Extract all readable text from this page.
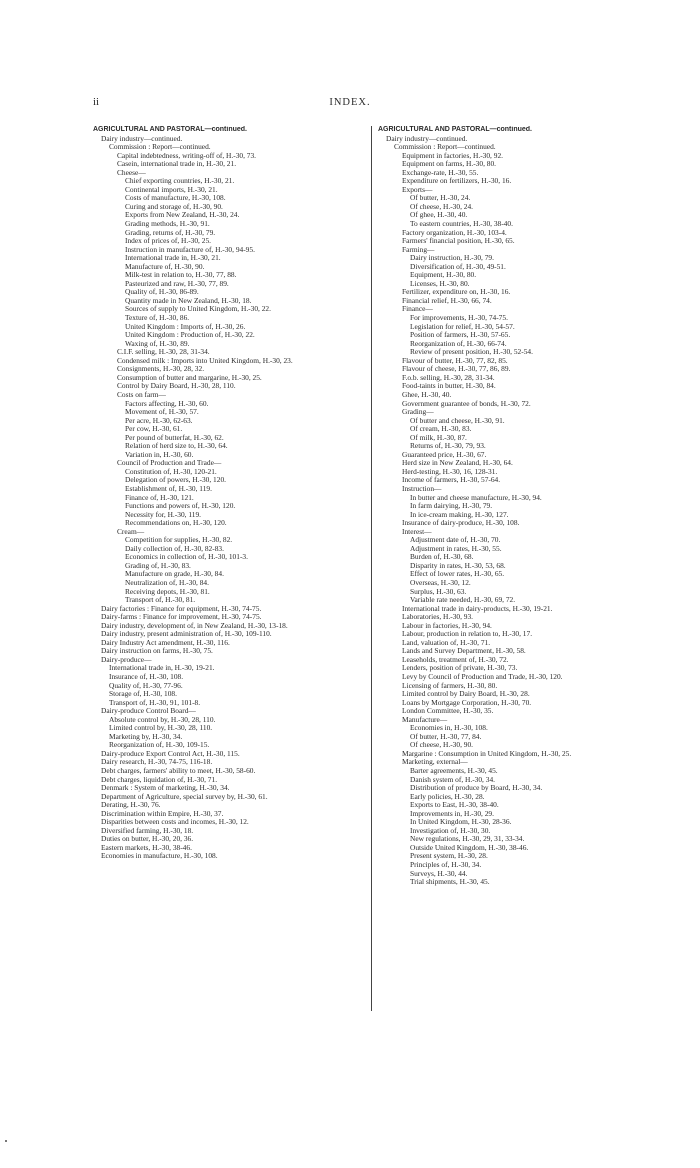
ii	INDEX.
AGRICULTURAL AND PASTORAL—continued.
Dairy industry—continued.
Commission : Report—continued.
Capital indebtedness, writing-off of, H.-30, 73.
Casein, international trade in, H.-30, 21.
Cheese—
Chief exporting countries, H.-30, 21.
Continental imports, H.-30, 21.
Costs of manufacture, H.-30, 108.
Curing and storage of, H.-30, 90.
Exports from New Zealand, H.-30, 24.
Grading methods, H.-30, 91.
Grading, returns of, H.-30, 79.
Index of prices of, H.-30, 25.
Instruction in manufacture of, H.-30, 94-95.
International trade in, H.-30, 21.
Manufacture of, H.-30, 90.
Milk-test in relation to, H.-30, 77, 88.
Pasteurized and raw, H.-30, 77, 89.
Quality of, H.-30, 86-89.
Quantity made in New Zealand, H.-30, 18.
Sources of supply to United Kingdom, H.-30, 22.
Texture of, H.-30, 86.
United Kingdom : Imports of, H.-30, 26.
United Kingdom : Production of, H.-30, 22.
Waxing of, H.-30, 89.
C.I.F. selling, H.-30, 28, 31-34.
Condensed milk : Imports into United Kingdom, H.-30, 23.
Consignments, H.-30, 28, 32.
Consumption of butter and margarine, H.-30, 25.
Control by Dairy Board, H.-30, 28, 110.
Costs on farm—
Factors affecting, H.-30, 60.
Movement of, H.-30, 57.
Per acre, H.-30, 62-63.
Per cow, H.-30, 61.
Per pound of butterfat, H.-30, 62.
Relation of herd size to, H.-30, 64.
Variation in, H.-30, 60.
Council of Production and Trade—
Constitution of, H.-30, 120-21.
Delegation of powers, H.-30, 120.
Establishment of, H.-30, 119.
Finance of, H.-30, 121.
Functions and powers of, H.-30, 120.
Necessity for, H.-30, 119.
Recommendations on, H.-30, 120.
Cream—
Competition for supplies, H.-30, 82.
Daily collection of, H.-30, 82-83.
Economics in collection of, H.-30, 101-3.
Grading of, H.-30, 83.
Manufacture on grade, H.-30, 84.
Neutralization of, H.-30, 84.
Receiving depots, H.-30, 81.
Transport of, H.-30, 81.
Dairy factories : Finance for equipment, H.-30, 74-75.
Dairy-farms : Finance for improvement, H.-30, 74-75.
Dairy industry, development of, in New Zealand, H.-30, 13-18.
Dairy industry, present administration of, H.-30, 109-110.
Dairy Industry Act amendment, H.-30, 116.
Dairy instruction on farms, H.-30, 75.
Dairy-produce—
International trade in, H.-30, 19-21.
Insurance of, H.-30, 108.
Quality of, H.-30, 77-96.
Storage of, H.-30, 108.
Transport of, H.-30, 91, 101-8.
Dairy-produce Control Board—
Absolute control by, H.-30, 28, 110.
Limited control by, H.-30, 28, 110.
Marketing by, H.-30, 34.
Reorganization of, H.-30, 109-15.
Dairy-produce Export Control Act, H.-30, 115.
Dairy research, H.-30, 74-75, 116-18.
Debt charges, farmers' ability to meet, H.-30, 58-60.
Debt charges, liquidation of, H.-30, 71.
Denmark : System of marketing, H.-30, 34.
Department of Agriculture, special survey by, H.-30, 61.
Derating, H.-30, 76.
Discrimination within Empire, H.-30, 37.
Disparities between costs and incomes, H.-30, 12.
Diversified farming, H.-30, 18.
Duties on butter, H.-30, 20, 36.
Eastern markets, H.-30, 38-46.
Economies in manufacture, H.-30, 108.
AGRICULTURAL AND PASTORAL—continued.
Dairy industry—continued.
Commission : Report—continued.
Equipment in factories, H.-30, 92.
Equipment on farms, H.-30, 80.
Exchange-rate, H.-30, 55.
Expenditure on fertilizers, H.-30, 16.
Exports—
Of butter, H.-30, 24.
Of cheese, H.-30, 24.
Of ghee, H.-30, 40.
To eastern countries, H.-30, 38-40.
Factory organization, H.-30, 103-4.
Farmers' financial position, H.-30, 65.
Farming—
Dairy instruction, H.-30, 79.
Diversification of, H.-30, 49-51.
Equipment, H.-30, 80.
Licenses, H.-30, 80.
Fertilizer, expenditure on, H.-30, 16.
Financial relief, H.-30, 66, 74.
Finance—
For improvements, H.-30, 74-75.
Legislation for relief, H.-30, 54-57.
Position of farmers, H.-30, 57-65.
Reorganization of, H.-30, 66-74.
Review of present position, H.-30, 52-54.
Flavour of butter, H.-30, 77, 82, 85.
Flavour of cheese, H.-30, 77, 86, 89.
F.o.b. selling, H.-30, 28, 31-34.
Food-taints in butter, H.-30, 84.
Ghee, H.-30, 40.
Government guarantee of bonds, H.-30, 72.
Grading—
Of butter and cheese, H.-30, 91.
Of cream, H.-30, 83.
Of milk, H.-30, 87.
Returns of, H.-30, 79, 93.
Guaranteed price, H.-30, 67.
Herd size in New Zealand, H.-30, 64.
Herd-testing, H.-30, 16, 128-31.
Income of farmers, H.-30, 57-64.
Instruction—
In butter and cheese manufacture, H.-30, 94.
In farm dairying, H.-30, 79.
In ice-cream making, H.-30, 127.
Insurance of dairy-produce, H.-30, 108.
Interest—
Adjustment date of, H.-30, 70.
Adjustment in rates, H.-30, 55.
Burden of, H.-30, 68.
Disparity in rates, H.-30, 53, 68.
Effect of lower rates, H.-30, 65.
Overseas, H.-30, 12.
Surplus, H.-30, 63.
Variable rate needed, H.-30, 69, 72.
International trade in dairy-products, H.-30, 19-21.
Laboratories, H.-30, 93.
Labour in factories, H.-30, 94.
Labour, production in relation to, H.-30, 17.
Land, valuation of, H.-30, 71.
Lands and Survey Department, H.-30, 58.
Leaseholds, treatment of, H.-30, 72.
Lenders, position of private, H.-30, 73.
Levy by Council of Production and Trade, H.-30, 120.
Licensing of farmers, H.-30, 80.
Limited control by Dairy Board, H.-30, 28.
Loans by Mortgage Corporation, H.-30, 70.
London Committee, H.-30, 35.
Manufacture—
Economies in, H.-30, 108.
Of butter, H.-30, 77, 84.
Of cheese, H.-30, 90.
Margarine : Consumption in United Kingdom, H.-30, 25.
Marketing, external—
Barter agreements, H.-30, 45.
Danish system of, H.-30, 34.
Distribution of produce by Board, H.-30, 34.
Early policies, H.-30, 28.
Exports to East, H.-30, 38-40.
Improvements in, H.-30, 29.
In United Kingdom, H.-30, 28-36.
Investigation of, H.-30, 30.
New regulations, H.-30, 29, 31, 33-34.
Outside United Kingdom, H.-30, 38-46.
Present system, H.-30, 28.
Principles of, H.-30, 34.
Surveys, H.-30, 44.
Trial shipments, H.-30, 45.
